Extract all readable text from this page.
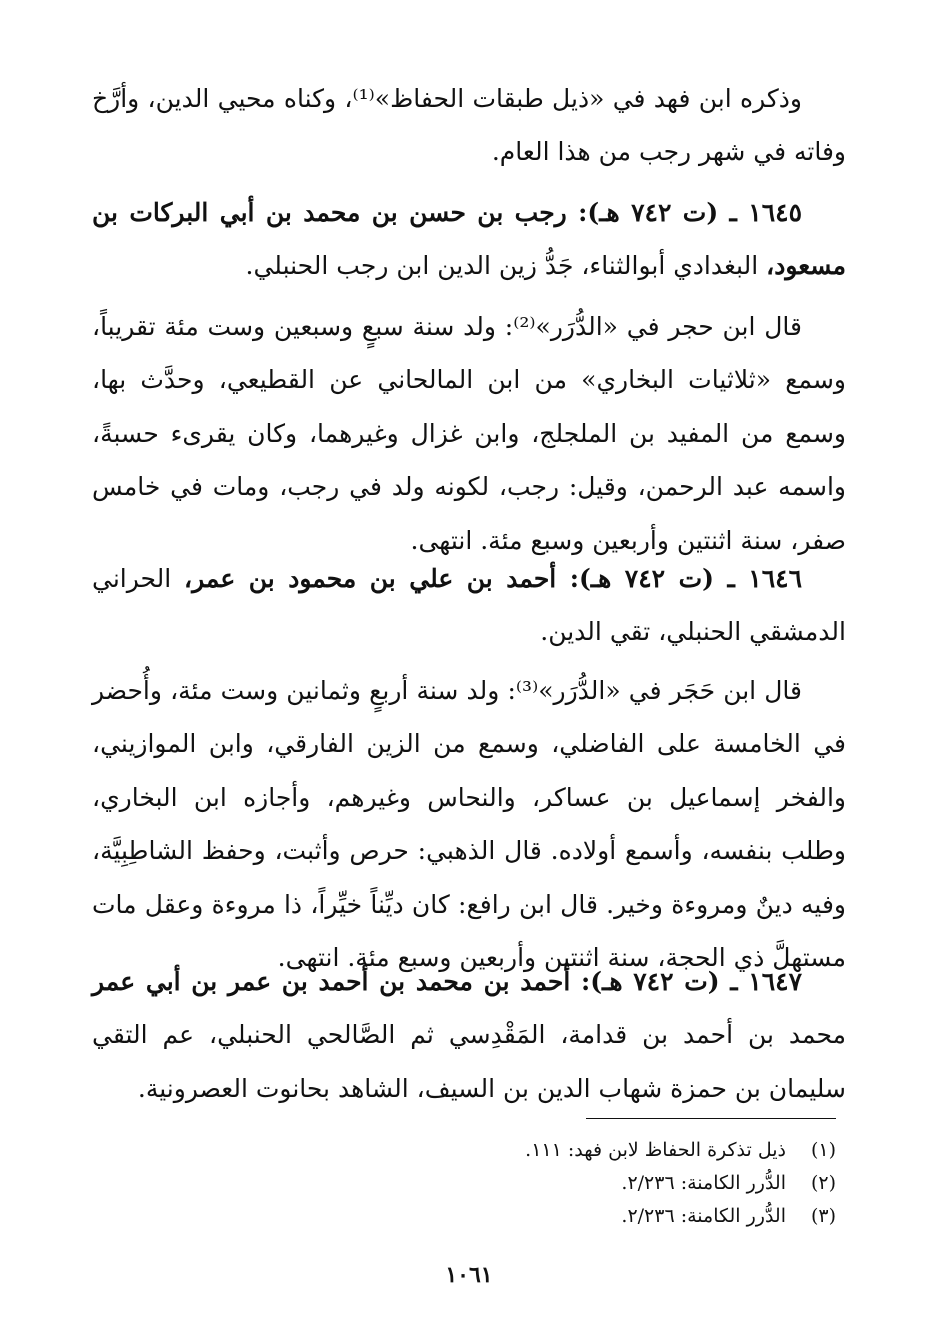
وذكره ابن فهد في «ذيل طبقات الحفاظ»⁽¹⁾، وكناه محيي الدين، وأرَّخ وفاته في شهر رجب من هذا العام.

١٦٤٥ ـ (ت ٧٤٢ هـ): رجب بن حسن بن محمد بن أبي البركات بن مسعود، البغدادي أبوالثناء، جَدُّ زين الدين ابن رجب الحنبلي.

قال ابن حجر في «الدُّرَر»⁽²⁾: ولد سنة سبعٍ وسبعين وست مئة تقريباً، وسمع «ثلاثيات البخاري» من ابن المالحاني عن القطيعي، وحدَّث بها، وسمع من المفيد بن الملجلج، وابن غزال وغيرهما، وكان يقرىء حسبةً، واسمه عبد الرحمن، وقيل: رجب، لكونه ولد في رجب، ومات في خامس صفر، سنة اثنتين وأربعين وسبع مئة. انتهى.

١٦٤٦ ـ (ت ٧٤٢ هـ): أحمد بن علي بن محمود بن عمر، الحراني الدمشقي الحنبلي، تقي الدين.

قال ابن حَجَر في «الدُّرَر»⁽³⁾: ولد سنة أربعٍ وثمانين وست مئة، وأُحضر في الخامسة على الفاضلي، وسمع من الزين الفارقي، وابن الموازيني، والفخر إسماعيل بن عساكر، والنحاس وغيرهم، وأجازه ابن البخاري، وطلب بنفسه، وأسمع أولاده. قال الذهبي: حرص وأثبت، وحفظ الشاطِبِيَّة، وفيه دينٌ ومروءة وخير. قال ابن رافع: كان ديِّناً خيِّراً، ذا مروءة وعقل مات مستهلَّ ذي الحجة، سنة اثنتين وأربعين وسبع مئة. انتهى.

١٦٤٧ ـ (ت ٧٤٢ هـ): أحمد بن محمد بن أحمد بن عمر بن أبي عمر محمد بن أحمد بن قدامة، المَقْدِسي ثم الصَّالحي الحنبلي، عم التقي سليمان بن حمزة شهاب الدين بن السيف، الشاهد بحانوت العصرونية.

(١)
ذيل تذكرة الحفاظ لابن فهد: ١١١.
(٢)
الدُّرر الكامنة: ٢/٢٣٦.
(٣)
الدُّرر الكامنة: ٢/٢٣٦.
١٠٦١
